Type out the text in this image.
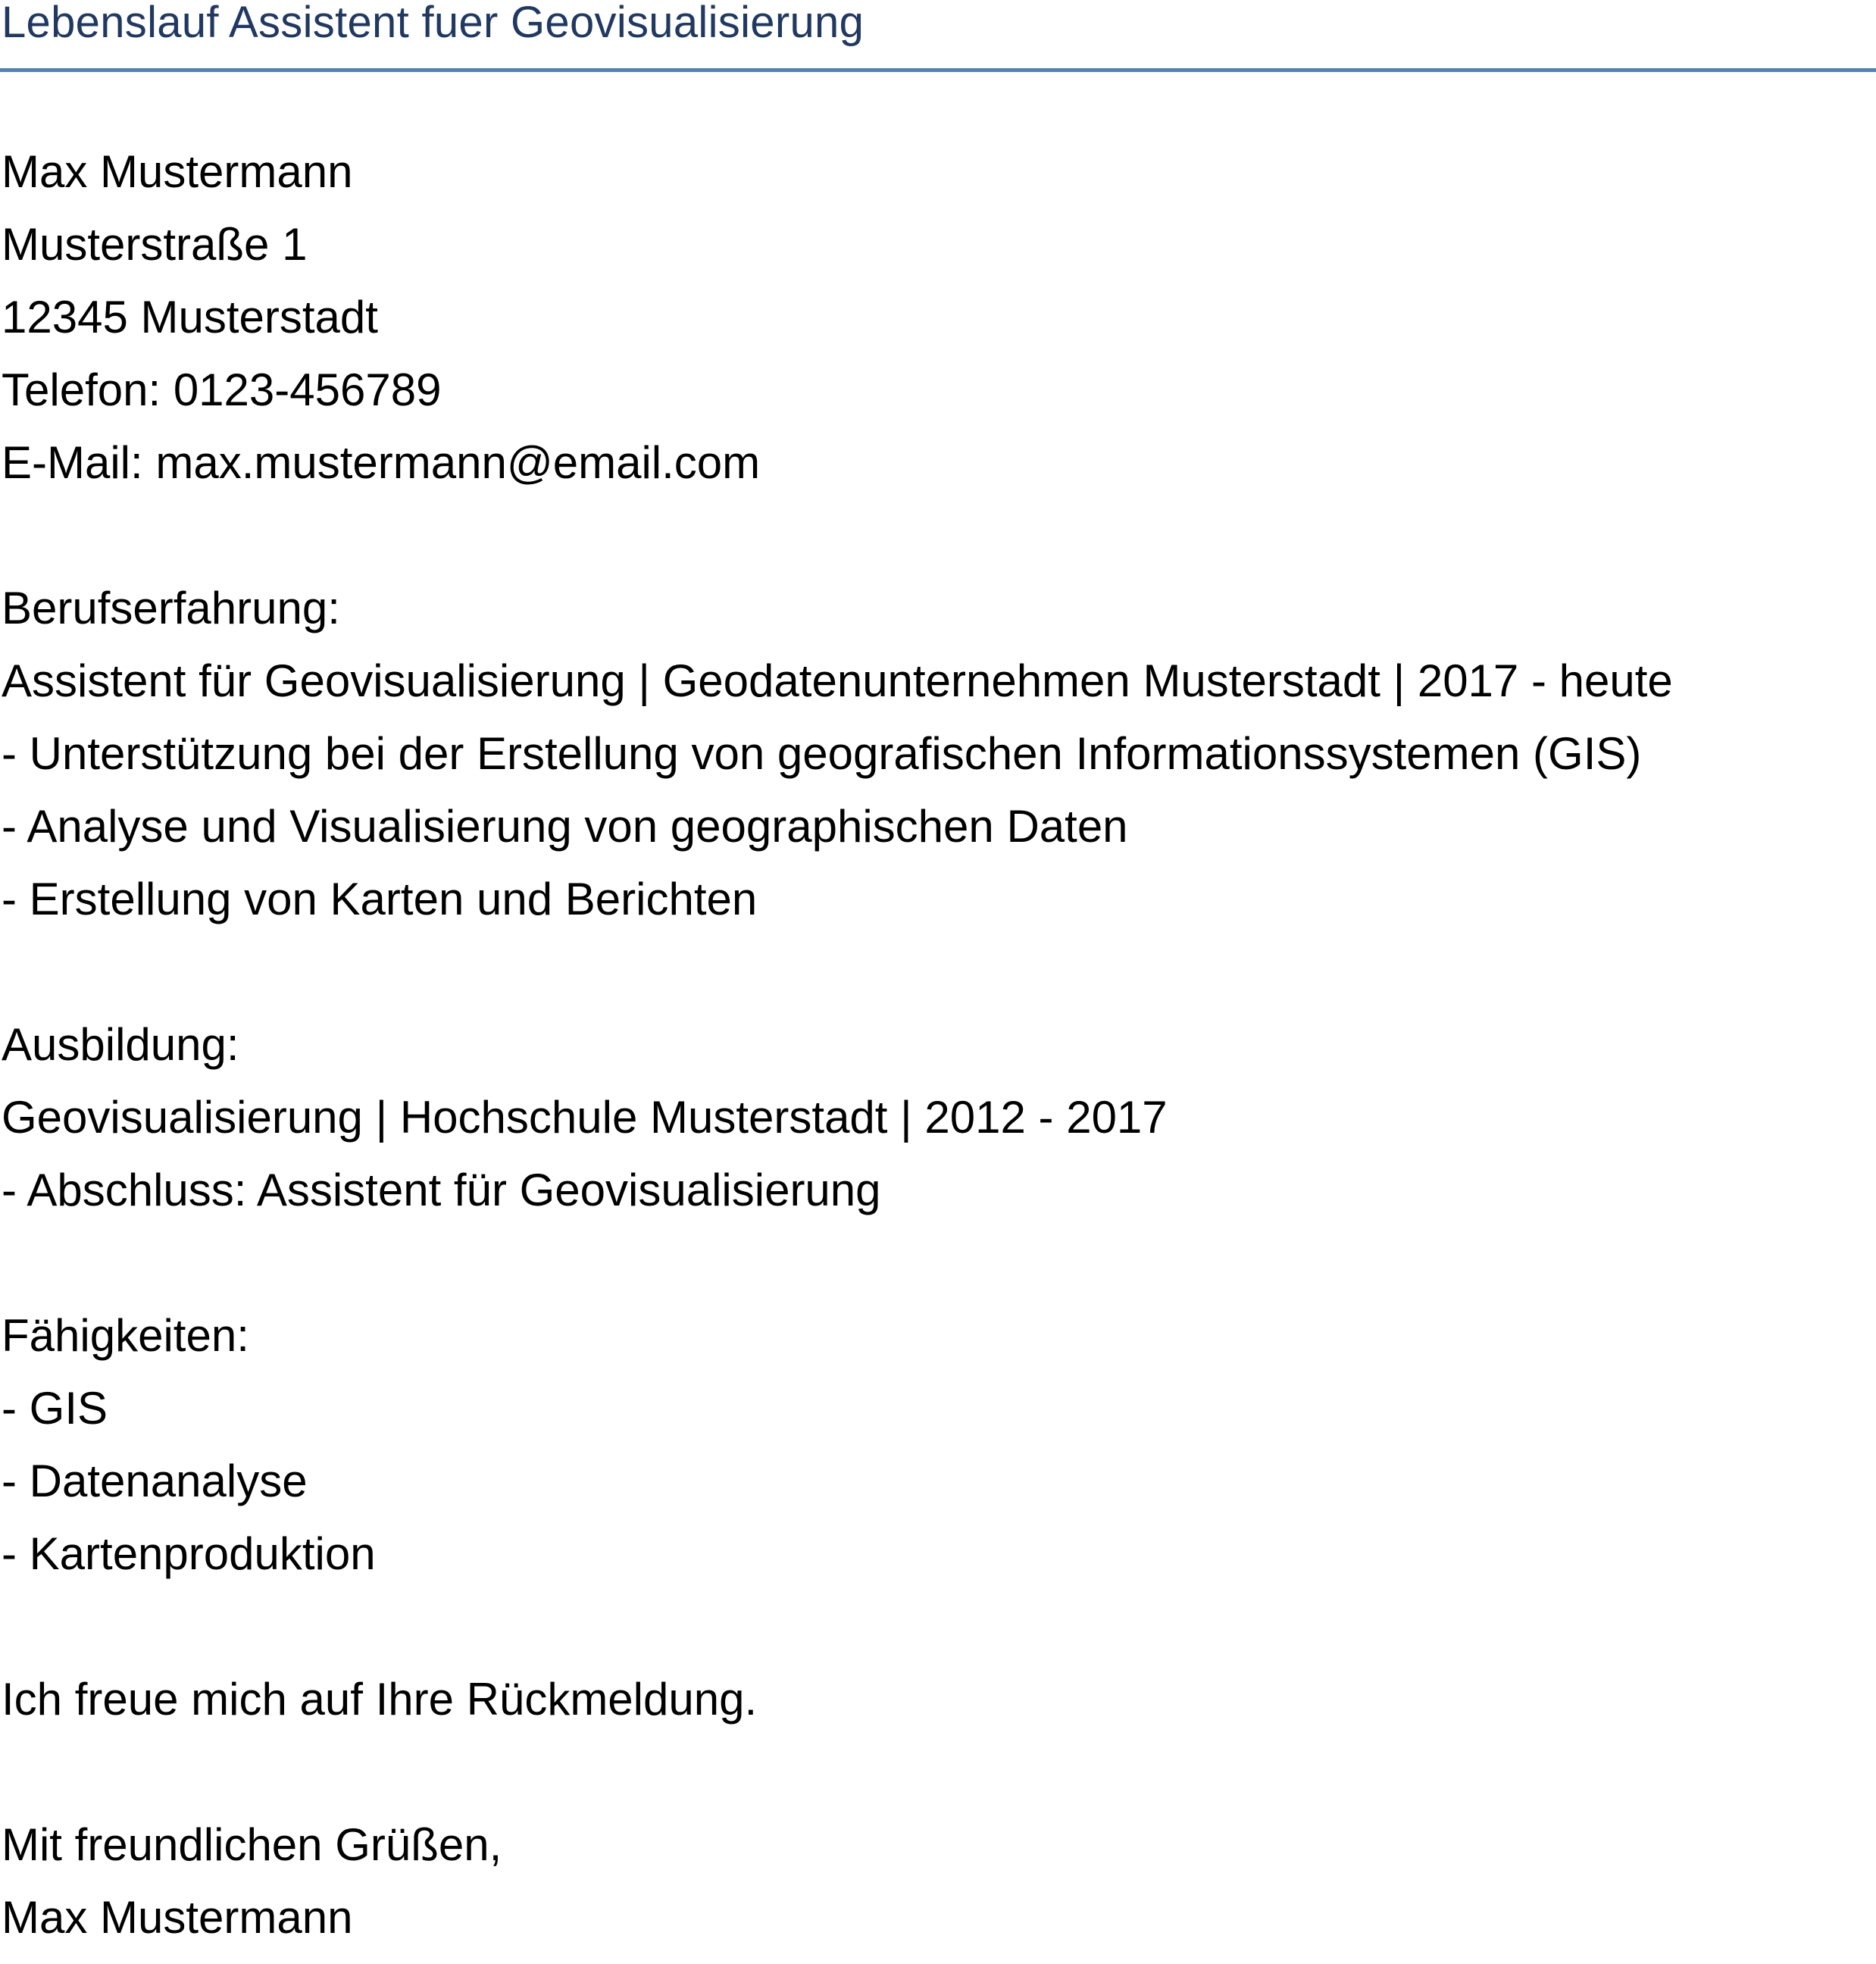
Lebenslauf Assistent fuer Geovisualisierung
Max Mustermann
Musterstraße 1
12345 Musterstadt
Telefon: 0123-456789
E-Mail: max.mustermann@email.com
Berufserfahrung:
Assistent für Geovisualisierung | Geodatenunternehmen Musterstadt | 2017 - heute
- Unterstützung bei der Erstellung von geografischen Informationssystemen (GIS)
- Analyse und Visualisierung von geographischen Daten
- Erstellung von Karten und Berichten
Ausbildung:
Geovisualisierung | Hochschule Musterstadt | 2012 - 2017
- Abschluss: Assistent für Geovisualisierung
Fähigkeiten:
- GIS
- Datenanalyse
- Kartenproduktion
Ich freue mich auf Ihre Rückmeldung.
Mit freundlichen Grüßen,
Max Mustermann
